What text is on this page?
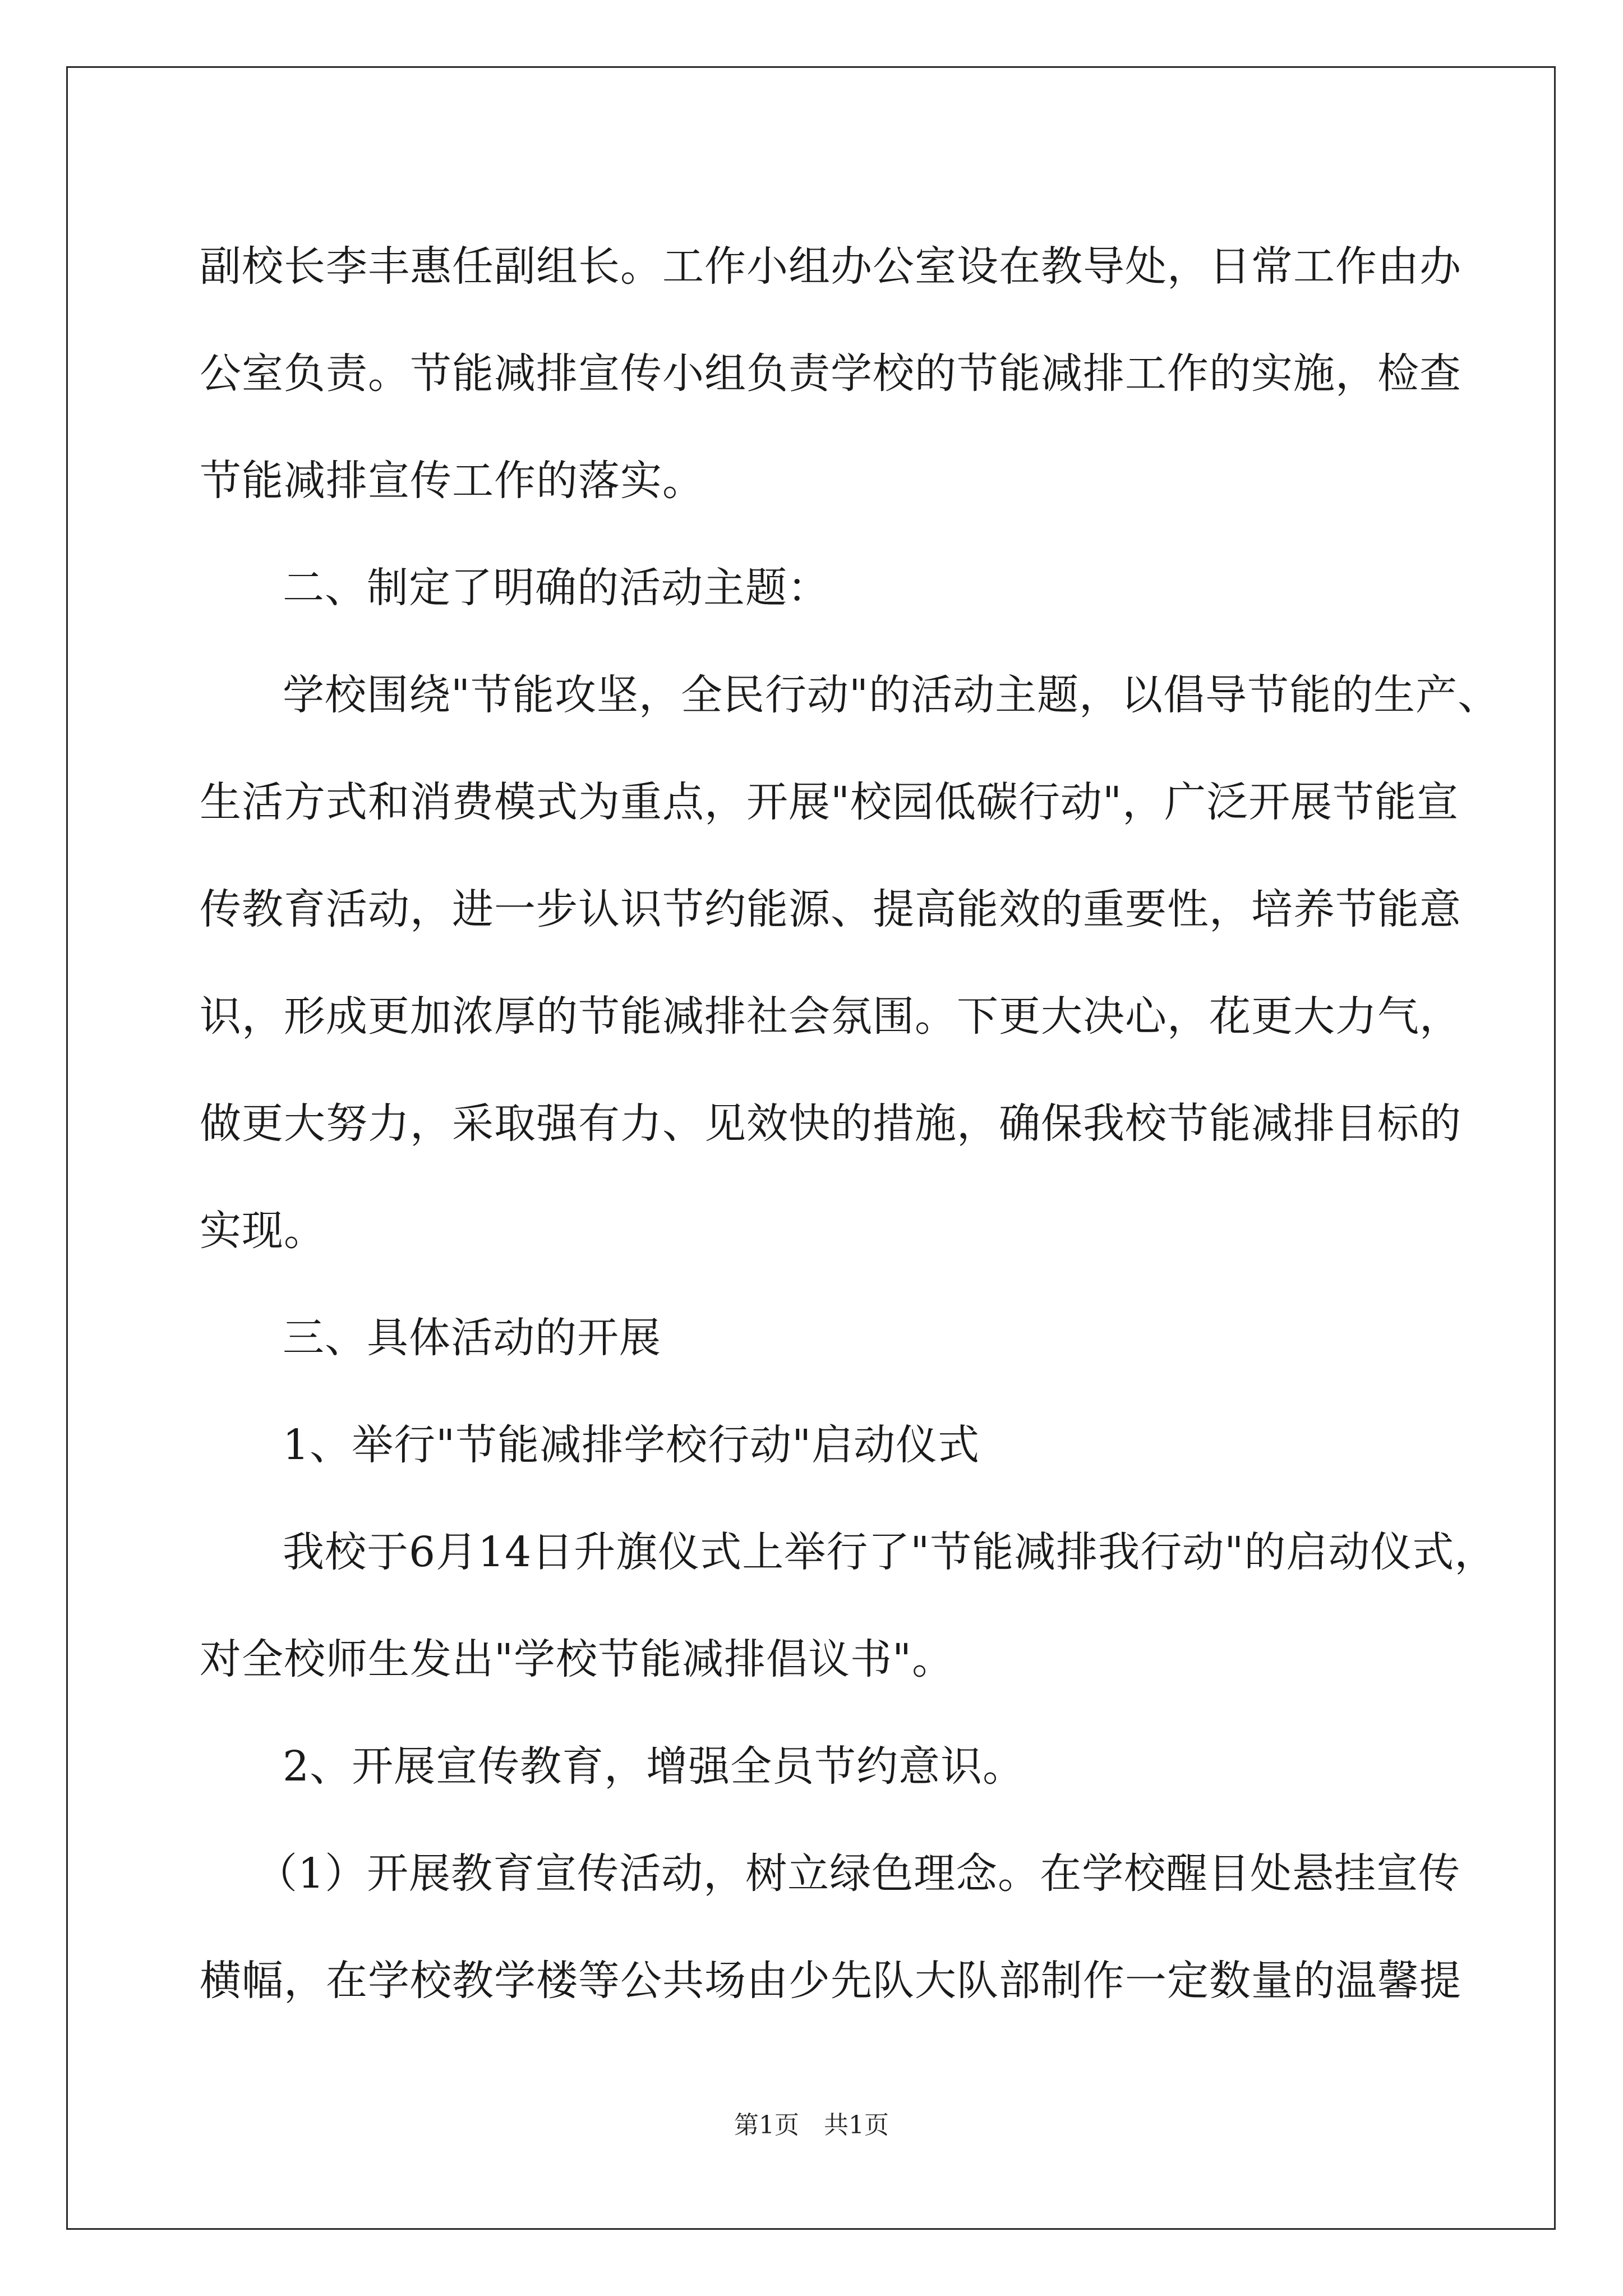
副校长李丰惠任副组长。工作小组办公室设在教导处，日常工作由办
公室负责。节能减排宣传小组负责学校的节能减排工作的实施，检查
节能减排宣传工作的落实。
二、制定了明确的活动主题：
学校围绕"节能攻坚，全民行动"的活动主题，以倡导节能的生产、
生活方式和消费模式为重点，开展"校园低碳行动"，广泛开展节能宣
传教育活动，进一步认识节约能源、提高能效的重要性，培养节能意
识，形成更加浓厚的节能减排社会氛围。下更大决心，花更大力气，
做更大努力，采取强有力、见效快的措施，确保我校节能减排目标的
实现。
三、具体活动的开展
1、举行"节能减排学校行动"启动仪式
我校于6月14日升旗仪式上举行了"节能减排我行动"的启动仪式，
对全校师生发出"学校节能减排倡议书"。
2、开展宣传教育，增强全员节约意识。
（1）开展教育宣传活动，树立绿色理念。在学校醒目处悬挂宣传
横幅，在学校教学楼等公共场由少先队大队部制作一定数量的温馨提
第1页　共1页
